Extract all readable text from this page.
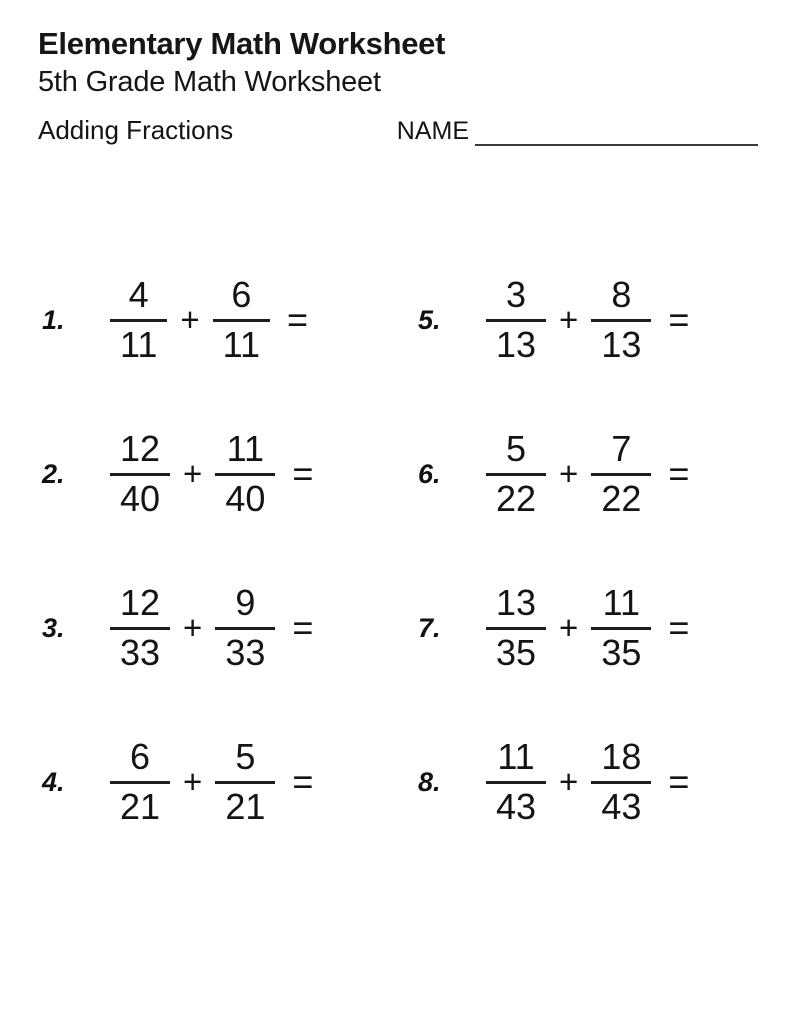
Elementary Math Worksheet
5th Grade Math Worksheet
Adding Fractions	NAME
1.	$\frac{4}{11} + \frac{6}{11}$ =	5.	$\frac{3}{13} + \frac{8}{13}$ =
2.	$\frac{12}{40} + \frac{11}{40}$ =	6.	$\frac{5}{22} + \frac{7}{22}$ =
3.	$\frac{12}{33} + \frac{9}{33}$ =	7.	$\frac{13}{35} + \frac{11}{35}$ =
4.	$\frac{6}{21} + \frac{5}{21}$ =	8.	$\frac{11}{43} + \frac{18}{43}$ =
